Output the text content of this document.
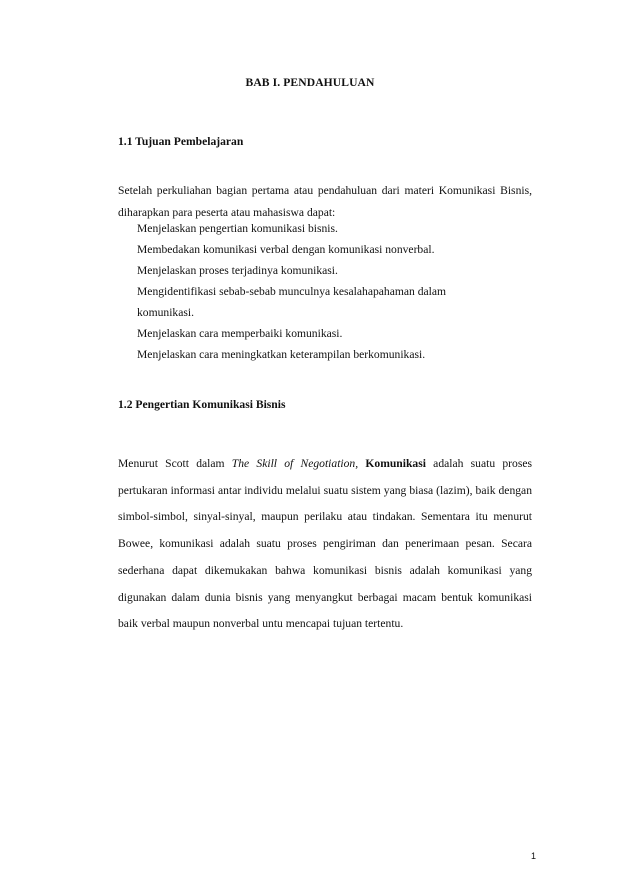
BAB I. PENDAHULUAN
1.1 Tujuan Pembelajaran
Setelah perkuliahan bagian pertama atau pendahuluan dari materi Komunikasi Bisnis, diharapkan para peserta atau mahasiswa dapat:
Menjelaskan pengertian komunikasi bisnis.
Membedakan komunikasi verbal dengan komunikasi nonverbal.
Menjelaskan proses terjadinya komunikasi.
Mengidentifikasi sebab-sebab munculnya kesalahapahaman dalam komunikasi.
Menjelaskan cara memperbaiki komunikasi.
Menjelaskan cara meningkatkan keterampilan berkomunikasi.
1.2 Pengertian Komunikasi Bisnis

Menurut Scott dalam The Skill of Negotiation, Komunikasi adalah suatu proses pertukaran informasi antar individu melalui suatu sistem yang biasa (lazim), baik dengan simbol-simbol, sinyal-sinyal, maupun perilaku atau tindakan. Sementara itu menurut Bowee, komunikasi adalah suatu proses pengiriman dan penerimaan pesan. Secara sederhana dapat dikemukakan bahwa komunikasi bisnis adalah komunikasi yang digunakan dalam dunia bisnis yang menyangkut berbagai macam bentuk komunikasi baik verbal maupun nonverbal untu mencapai tujuan tertentu.

1
